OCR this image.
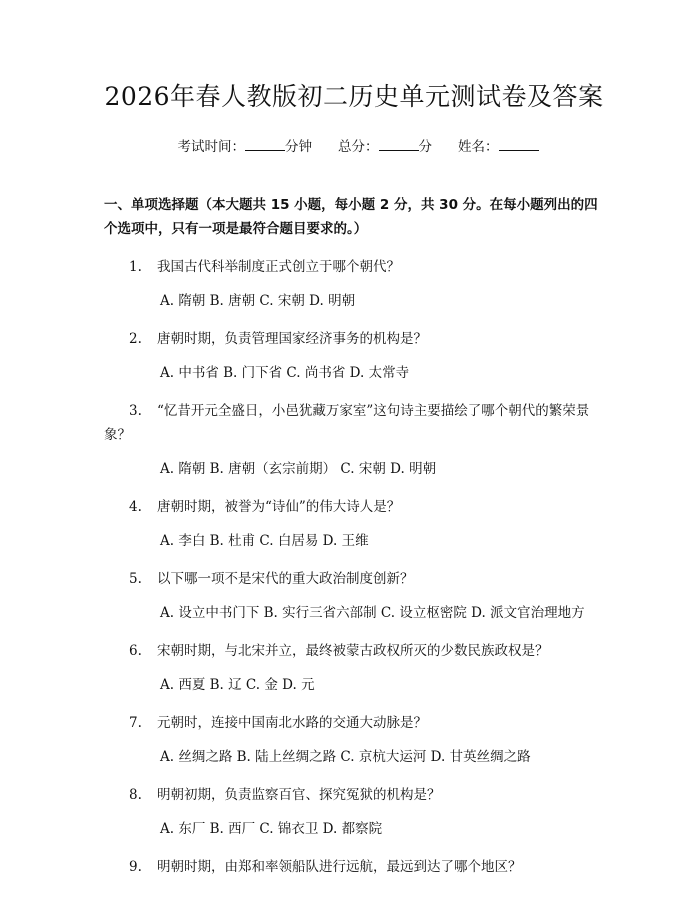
2026年春人教版初二历史单元测试卷及答案
考试时间：	分钟 总分：	分 姓名：
一、单项选择题（本大题共 15 小题，每小题 2 分，共 30 分。在每小题列出的四个选项中，只有一项是最符合题目要求的。）
1. 我国古代科举制度正式创立于哪个朝代？
A. 隋朝 B. 唐朝 C. 宋朝 D. 明朝
2. 唐朝时期，负责管理国家经济事务的机构是？
A. 中书省 B. 门下省 C. 尚书省 D. 太常寺
3. “忆昔开元全盛日，小邑犹藏万家室”这句诗主要描绘了哪个朝代的繁荣景象？
A. 隋朝 B. 唐朝（玄宗前期） C. 宋朝 D. 明朝
4. 唐朝时期，被誉为“诗仙”的伟大诗人是？
A. 李白 B. 杜甫 C. 白居易 D. 王维
5. 以下哪一项不是宋代的重大政治制度创新？
A. 设立中书门下 B. 实行三省六部制 C. 设立枢密院 D. 派文官治理地方
6. 宋朝时期，与北宋并立，最终被蒙古政权所灭的少数民族政权是？
A. 西夏 B. 辽 C. 金 D. 元
7. 元朝时，连接中国南北水路的交通大动脉是？
A. 丝绸之路 B. 陆上丝绸之路 C. 京杭大运河 D. 甘英丝绸之路
8. 明朝初期，负责监察百官、探究冤狱的机构是？
A. 东厂 B. 西厂 C. 锦衣卫 D. 都察院
9. 明朝时期，由郑和率领船队进行远航，最远到达了哪个地区？
